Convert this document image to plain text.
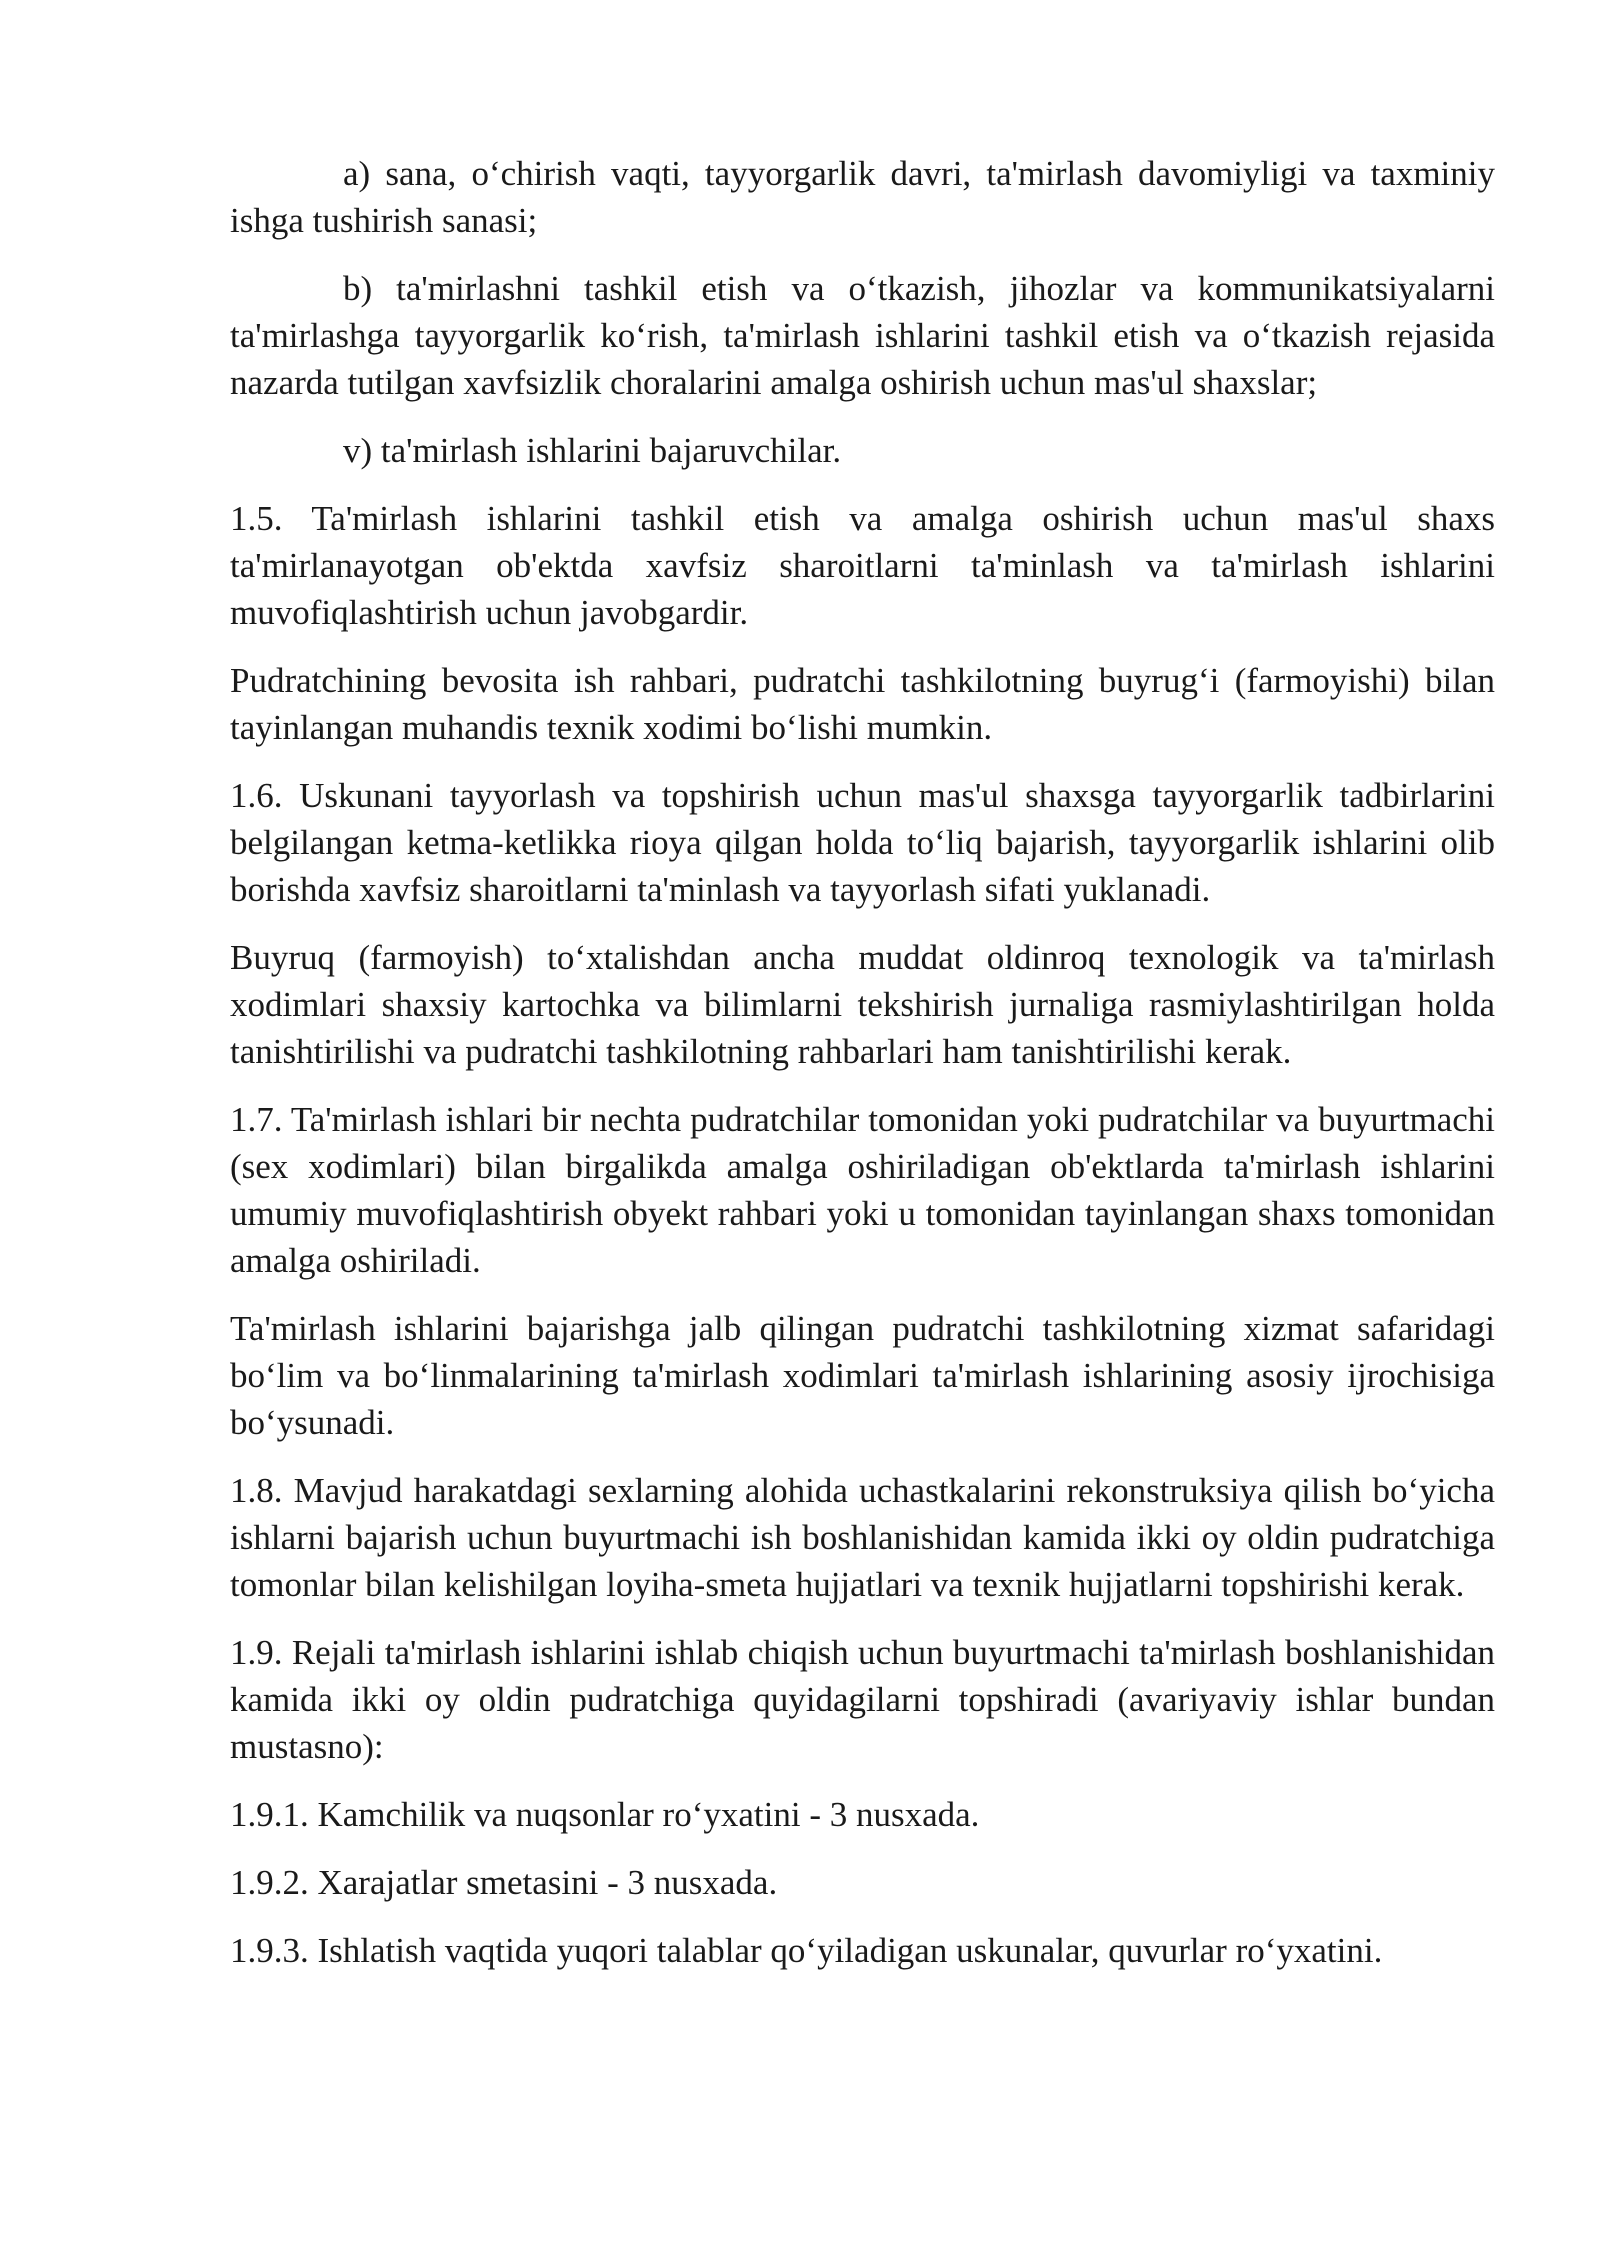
a) sana, o‘chirish vaqti, tayyorgarlik davri, ta'mirlash davomiyligi va taxminiy ishga tushirish sanasi;

b) ta'mirlashni tashkil etish va o‘tkazish, jihozlar va kommunikatsiyalarni ta'mirlashga tayyorgarlik ko‘rish, ta'mirlash ishlarini tashkil etish va o‘tkazish rejasida nazarda tutilgan xavfsizlik choralarini amalga oshirish uchun mas'ul shaxslar;

v) ta'mirlash ishlarini bajaruvchilar.

1.5. Ta'mirlash ishlarini tashkil etish va amalga oshirish uchun mas'ul shaxs ta'mirlanayotgan ob'ektda xavfsiz sharoitlarni ta'minlash va ta'mirlash ishlarini muvofiqlashtirish uchun javobgardir.

Pudratchining bevosita ish rahbari, pudratchi tashkilotning buyrug‘i (farmoyishi) bilan tayinlangan muhandis texnik xodimi bo‘lishi mumkin.

1.6. Uskunani tayyorlash va topshirish uchun mas'ul shaxsga tayyorgarlik tadbirlarini belgilangan ketma-ketlikka rioya qilgan holda to‘liq bajarish, tayyorgarlik ishlarini olib borishda xavfsiz sharoitlarni ta'minlash va tayyorlash sifati yuklanadi.

Buyruq (farmoyish) to‘xtalishdan ancha muddat oldinroq texnologik va ta'mirlash xodimlari shaxsiy kartochka va bilimlarni tekshirish jurnaliga rasmiylashtirilgan holda tanishtirilishi va pudratchi tashkilotning rahbarlari ham tanishtirilishi kerak.

1.7. Ta'mirlash ishlari bir nechta pudratchilar tomonidan yoki pudratchilar va buyurtmachi (sex xodimlari) bilan birgalikda amalga oshiriladigan ob'ektlarda ta'mirlash ishlarini umumiy muvofiqlashtirish obyekt rahbari yoki u tomonidan tayinlangan shaxs tomonidan amalga oshiriladi.

Ta'mirlash ishlarini bajarishga jalb qilingan pudratchi tashkilotning xizmat safaridagi bo‘lim va bo‘linmalarining ta'mirlash xodimlari ta'mirlash ishlarining asosiy ijrochisiga bo‘ysunadi.

1.8. Mavjud harakatdagi sexlarning alohida uchastkalarini rekonstruksiya qilish bo‘yicha ishlarni bajarish uchun buyurtmachi ish boshlanishidan kamida ikki oy oldin pudratchiga tomonlar bilan kelishilgan loyiha-smeta hujjatlari va texnik hujjatlarni topshirishi kerak.

1.9. Rejali ta'mirlash ishlarini ishlab chiqish uchun buyurtmachi ta'mirlash boshlanishidan kamida ikki oy oldin pudratchiga quyidagilarni topshiradi (avariyaviy ishlar bundan mustasno):

1.9.1. Kamchilik va nuqsonlar ro‘yxatini - 3 nusxada.

1.9.2. Xarajatlar smetasini - 3 nusxada.

1.9.3. Ishlatish vaqtida yuqori talablar qo‘yiladigan uskunalar, quvurlar ro‘yxatini.
